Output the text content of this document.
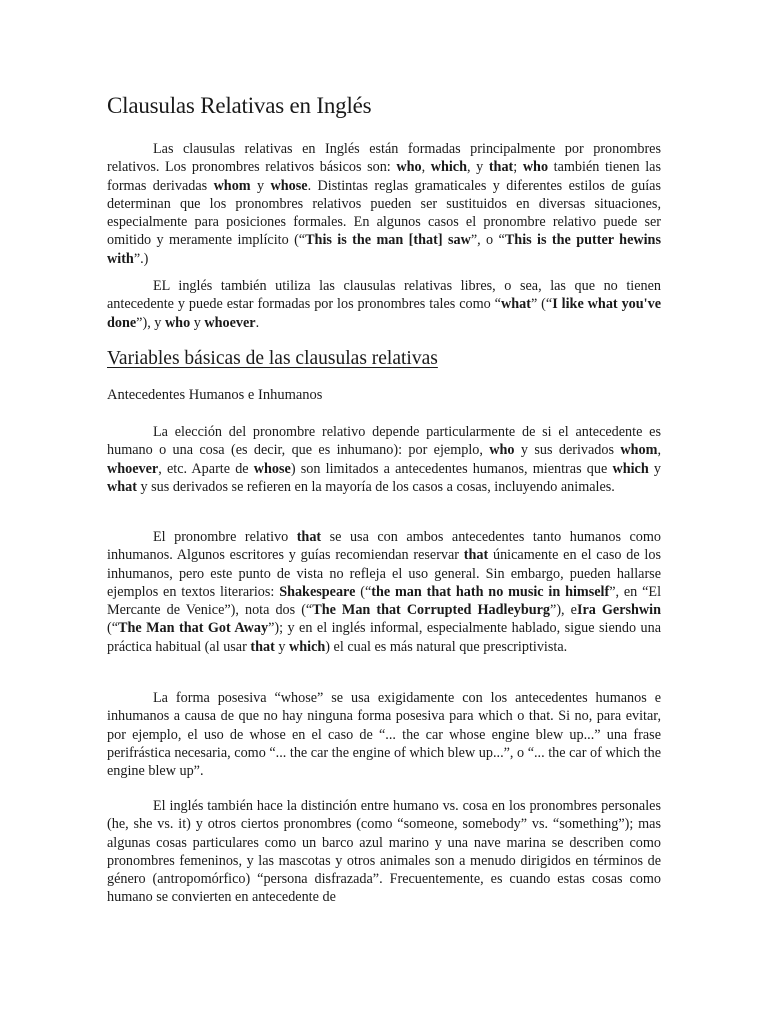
Clausulas Relativas en Inglés

Las clausulas relativas en Inglés están formadas principalmente por pronombres relativos. Los pronombres relativos básicos son: who, which, y that; who también tienen las formas derivadas whom y whose. Distintas reglas gramaticales y diferentes estilos de guías determinan que los pronombres relativos pueden ser sustituidos en diversas situaciones, especialmente para posiciones formales. En algunos casos el pronombre relativo puede ser omitido y meramente implícito (“This is the man [that] saw”, o “This is the putter hewins with”.)

EL inglés también utiliza las clausulas relativas libres, o sea, las que no tienen antecedente y puede estar formadas por los pronombres tales como “what” (“I like what you've done”), y who y whoever.

Variables básicas de las clausulas relativas

Antecedentes Humanos e Inhumanos

La elección del pronombre relativo depende particularmente de si el antecedente es humano o una cosa (es decir, que es inhumano): por ejemplo, who y sus derivados whom, whoever, etc. Aparte de whose) son limitados a antecedentes humanos, mientras que which y what y sus derivados se refieren en la mayoría de los casos a cosas, incluyendo animales.

El pronombre relativo that se usa con ambos antecedentes tanto humanos como inhumanos. Algunos escritores y guías recomiendan reservar that únicamente en el caso de los inhumanos, pero este punto de vista no refleja el uso general. Sin embargo, pueden hallarse ejemplos en textos literarios: Shakespeare (“the man that hath no music in himself”, en “El Mercante de Venice”), nota dos (“The Man that Corrupted Hadleyburg”), eIra Gershwin (“The Man that Got Away”); y en el inglés informal, especialmente hablado, sigue siendo una práctica habitual (al usar that y which) el cual es más natural que prescriptivista.

La forma posesiva “whose” se usa exigidamente con los antecedentes humanos e inhumanos a causa de que no hay ninguna forma posesiva para which o that. Si no, para evitar, por ejemplo, el uso de whose en el caso de “... the car whose engine blew up...” una frase perifrástica necesaria, como “... the car the engine of which blew up...”, o “... the car of which the engine blew up”.

El inglés también hace la distinción entre humano vs. cosa en los pronombres personales (he, she vs. it) y otros ciertos pronombres (como “someone, somebody” vs. “something”); mas algunas cosas particulares como un barco azul marino y una nave marina se describen como pronombres femeninos, y las mascotas y otros animales son a menudo dirigidos en términos de género (antropomórfico) “persona disfrazada”. Frecuentemente, es cuando estas cosas como humano se convierten en antecedente de
